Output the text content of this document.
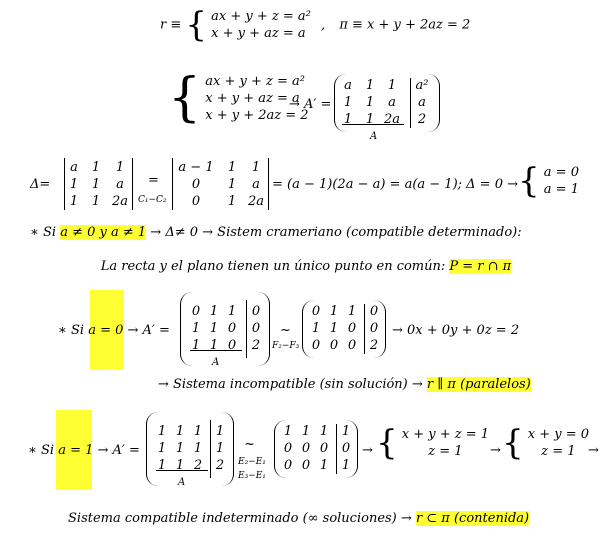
r ≡ { ax + y + z = a²
x + y + az = a
, π ≡ x + y + 2az = 2
{ ax + y + z = a²
x + y + az = a
x + y + 2az = 2
→ A′ =
a	1 1 a²
1 1	a	a
1 1 2a 2
A
Δ=
a	1 1
1 1	a
1 1 2a
=
C₁−C₂
a − 1 1 1
0 1	a
0 1 2a
= (a − 1)(2a − a) = a(a − 1); Δ = 0 → { a = 0
a = 1
∗ Si a ≠ 0 y a ≠ 1 → Δ≠ 0 → Sistem crameriano (compatible determinado):
La recta y el plano tienen un único punto en común: P = r ∩ π
∗ Si a = 0 → A′ =
0 1 1 0
1 1 0 0
1 1 0 2
A
~
F₂−F₃
0 1 1 0
1 1 0 0
0 0 0 2
→ 0x + 0y + 0z = 2
→ Sistema incompatible (sin solución) → r ∥ π (paralelos)
∗ Si a = 1 → A′ =
1 1 1 1
1 1 1 1
1 1 2 2
A
~
E₂−E₁
E₃−E₁
1 1 1 1
0 0 0 0
0 0 1 1
→ { x + y + z = 1
z = 1	→ { x + y = 0
z = 1 →
Sistema compatible indeterminado (∞ soluciones) → r ⊂ π (contenida)
